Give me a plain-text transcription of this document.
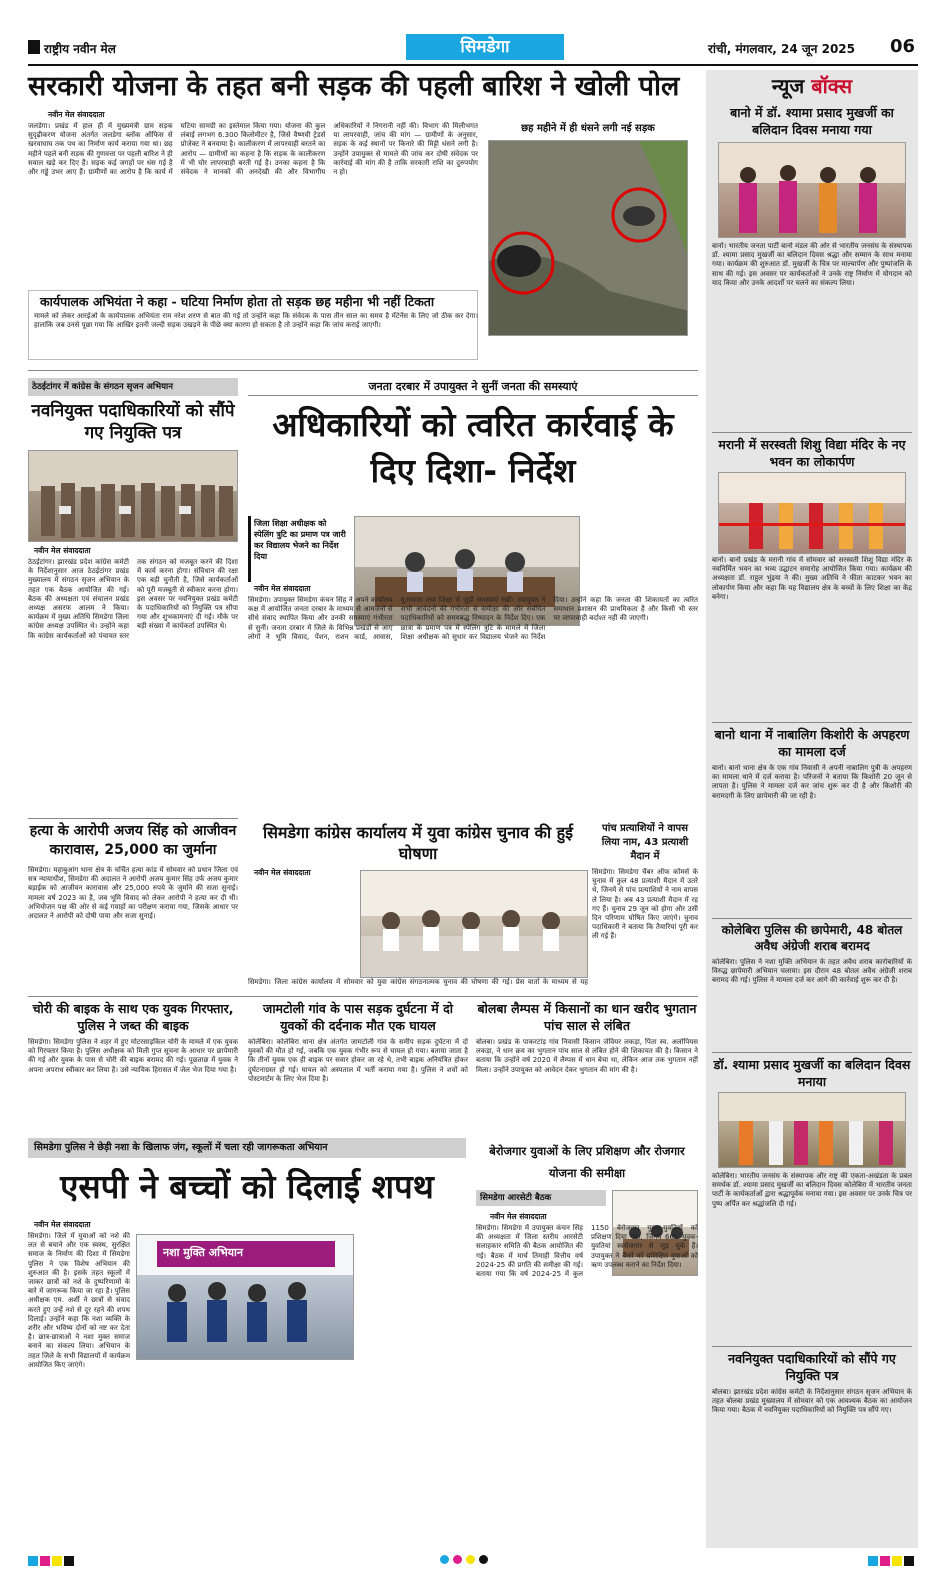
राष्ट्रीय नवीन मेल	सिमडेगा	रांची, मंगलवार, 24 जून 2025 06
सरकारी योजना के तहत बनी सड़क की पहली बारिश ने खोली पोल
नवीन मेल संवाददाता
जलडेगा। प्रखंड में हाल ही में मुख्यमंत्री ग्राम सड़क सुदृढ़ीकरण योजना अंतर्गत जलडेगा ब्लॉक ऑफिस से खरवाघाघ तक पथ का निर्माण कार्य कराया गया था। छह महीने पहले बनी सड़क की गुणवत्ता पर पहली बारिश ने ही सवाल खड़े कर दिए हैं। सड़क कई जगहों पर धंस गई है और गड्ढे उभर आए हैं। ग्रामीणों का आरोप है कि कार्य में घटिया सामग्री का इस्तेमाल किया गया। योजना की कुल लंबाई लगभग 6.300 किलोमीटर है, जिसे वैष्णवी ट्रेडर्स प्रोजेक्ट ने बनवाया है। कालीकरण में लापरवाही बरतने का आरोप — ग्रामीणों का कहना है कि सड़क के कालीकरण में भी घोर लापरवाही बरती गई है। उनका कहना है कि संवेदक ने मानकों की अनदेखी की और विभागीय अधिकारियों ने निगरानी नहीं की। विभाग की मिलीभगत या लापरवाही, जांच की मांग — ग्रामीणों के अनुसार, सड़क के कई स्थानों पर किनारे की मिट्टी धंसने लगी है। उन्होंने उपायुक्त से मामले की जांच कर दोषी संवेदक पर कार्रवाई की मांग की है ताकि सरकारी राशि का दुरुपयोग न हो।
छह महीने में ही धंसने लगी नई सड़क
कार्यपालक अभियंता ने कहा - घटिया निर्माण होता तो सड़क छह महीना भी नहीं टिकता
मामले को लेकर आरईओ के कार्यपालक अभियंता राम नरेश शरण से बात की गई तो उन्होंने कहा कि संवेदक के पास तीन साल का समय है मेंटेनेंस के लिए जो ठीक कर देगा। हालांकि जब उनसे पूछा गया कि आखिर इतनी जल्दी सड़क उखड़ने के पीछे क्या कारण हो सकता है तो उन्होंने कहा कि जांच कराई जाएगी।
ठेठईटांगर में कांग्रेस के संगठन सृजन अभियान
नवनियुक्त पदाधिकारियों को सौंपे गए नियुक्ति पत्र
नवीन मेल संवाददाता
ठेठईटांगर। झारखंड प्रदेश कांग्रेस कमेटी के निर्देशानुसार आज ठेठईटांगर प्रखंड मुख्यालय में संगठन सृजन अभियान के तहत एक बैठक आयोजित की गई। बैठक की अध्यक्षता एवं संचालन प्रखंड अध्यक्ष असरफ आलम ने किया। कार्यक्रम में मुख्य अतिथि सिमडेगा जिला कांग्रेस अध्यक्ष उपस्थित थे। उन्होंने कहा कि कांग्रेस कार्यकर्ताओं को पंचायत स्तर तक संगठन को मजबूत करने की दिशा में कार्य करना होगा। संविधान की रक्षा एक बड़ी चुनौती है, जिसे कार्यकर्ताओं को पूरी मजबूती से स्वीकार करना होगा। इस अवसर पर नवनियुक्त प्रखंड कमेटी के पदाधिकारियों को नियुक्ति पत्र सौंपा गया और शुभकामनाएं दी गईं। मौके पर बड़ी संख्या में कार्यकर्ता उपस्थित थे।
जनता दरबार में उपायुक्त ने सुनीं जनता की समस्याएं
अधिकारियों को त्वरित कार्रवाई के दिए दिशा- निर्देश
जिला शिक्षा अधीक्षक को स्पेलिंग त्रुटि का प्रमाण पत्र जारी कर विद्यालय भेजने का निर्देश दिया
नवीन मेल संवाददाता
सिमडेगा। उपायुक्त सिमडेगा कंचन सिंह ने अपने कार्यालय कक्ष में आयोजित जनता दरबार के माध्यम से आमजनों से सीधे संवाद स्थापित किया और उनकी समस्याएं गंभीरता से सुनीं। जनता दरबार में जिले के विभिन्न प्रखंडों से आए लोगों ने भूमि विवाद, पेंशन, राशन कार्ड, आवास, मुआवजा तथा शिक्षा से जुड़ी समस्याएं रखीं। उपायुक्त ने सभी आवेदनों की गंभीरता से समीक्षा की और संबंधित पदाधिकारियों को समयबद्ध निष्पादन के निर्देश दिए। एक छात्रा के प्रमाण पत्र में स्पेलिंग त्रुटि के मामले में जिला शिक्षा अधीक्षक को सुधार कर विद्यालय भेजने का निर्देश दिया। उन्होंने कहा कि जनता की शिकायतों का त्वरित समाधान प्रशासन की प्राथमिकता है और किसी भी स्तर पर लापरवाही बर्दाश्त नहीं की जाएगी।
हत्या के आरोपी अजय सिंह को आजीवन कारावास, 25,000 का जुर्माना
सिमडेगा। महाबुआंग थाना क्षेत्र के चर्चित हत्या कांड में सोमवार को प्रधान जिला एवं सत्र न्यायाधीश, सिमडेगा की अदालत ने आरोपी अजय कुमार सिंह उर्फ अजय कुमार बड़ाईक को आजीवन कारावास और 25,000 रुपये के जुर्माने की सजा सुनाई। मामला वर्ष 2023 का है, जब भूमि विवाद को लेकर आरोपी ने हत्या कर दी थी। अभियोजन पक्ष की ओर से कई गवाहों का परीक्षण कराया गया, जिसके आधार पर अदालत ने आरोपी को दोषी पाया और सजा सुनाई।
सिमडेगा कांग्रेस कार्यालय में युवा कांग्रेस चुनाव की हुई घोषणा
नवीन मेल संवाददाता
सिमडेगा। जिला कांग्रेस कार्यालय में सोमवार को युवा कांग्रेस संगठनात्मक चुनाव की घोषणा की गई। प्रेस वार्ता के माध्यम से यह
पांच प्रत्याशियों ने वापस लिया नाम, 43 प्रत्याशी मैदान में
सिमडेगा। सिमडेगा चैंबर ऑफ कॉमर्स के चुनाव में कुल 48 प्रत्याशी मैदान में उतरे थे, जिनमें से पांच प्रत्याशियों ने नाम वापस ले लिया है। अब 43 प्रत्याशी मैदान में रह गए हैं। चुनाव 29 जून को होगा और उसी दिन परिणाम घोषित किए जाएंगे। चुनाव पदाधिकारी ने बताया कि तैयारियां पूरी कर ली गई हैं।
चोरी की बाइक के साथ एक युवक गिरफ्तार, पुलिस ने जब्त की बाइक
सिमडेगा। सिमडेगा पुलिस ने शहर में हुए मोटरसाइकिल चोरी के मामले में एक युवक को गिरफ्तार किया है। पुलिस अधीक्षक को मिली गुप्त सूचना के आधार पर छापेमारी की गई और युवक के पास से चोरी की बाइक बरामद की गई। पूछताछ में युवक ने अपना अपराध स्वीकार कर लिया है। उसे न्यायिक हिरासत में जेल भेज दिया गया है।
जामटोली गांव के पास सड़क दुर्घटना में दो युवकों की दर्दनाक मौत एक घायल
कोलेबिरा। कोलेबिरा थाना क्षेत्र अंतर्गत जामटोली गांव के समीप सड़क दुर्घटना में दो युवकों की मौत हो गई, जबकि एक युवक गंभीर रूप से घायल हो गया। बताया जाता है कि तीनों युवक एक ही बाइक पर सवार होकर जा रहे थे, तभी बाइक अनियंत्रित होकर दुर्घटनाग्रस्त हो गई। घायल को अस्पताल में भर्ती कराया गया है। पुलिस ने शवों को पोस्टमार्टम के लिए भेज दिया है।
बोलबा लैम्पस में किसानों का धान खरीद भुगतान पांच साल से लंबित
बोलबा। प्रखंड के पाकरटांड़ गांव निवासी किसान जेवियर लकड़ा, पिता स्व. अलोपियस लकड़ा, ने धान क्रय का भुगतान पांच साल से लंबित होने की शिकायत की है। किसान ने बताया कि उन्होंने वर्ष 2020 में लैम्पस में धान बेचा था, लेकिन आज तक भुगतान नहीं मिला। उन्होंने उपायुक्त को आवेदन देकर भुगतान की मांग की है।
सिमडेगा पुलिस ने छेड़ी नशा के खिलाफ जंग, स्कूलों में चला रही जागरूकता अभियान
एसपी ने बच्चों को दिलाई शपथ
नवीन मेल संवाददाता
नशा मुक्ति अभियान
सिमडेगा। जिले में युवाओं को नशे की लत से बचाने और एक स्वस्थ, सुरक्षित समाज के निर्माण की दिशा में सिमडेगा पुलिस ने एक विशेष अभियान की शुरुआत की है। इसके तहत स्कूलों में जाकर छात्रों को नशे के दुष्परिणामों के बारे में जागरूक किया जा रहा है। पुलिस अधीक्षक एम. अर्शी ने छात्रों से संवाद करते हुए उन्हें नशे से दूर रहने की शपथ दिलाई। उन्होंने कहा कि नशा व्यक्ति के शरीर और भविष्य दोनों को नष्ट कर देता है। छात्र-छात्राओं ने नशा मुक्त समाज बनाने का संकल्प लिया। अभियान के तहत जिले के सभी विद्यालयों में कार्यक्रम आयोजित किए जाएंगे।
बेरोजगार युवाओं के लिए प्रशिक्षण और रोजगार योजना की समीक्षा
सिमडेगा आरसेटी बैठक
नवीन मेल संवाददाता
सिमडेगा। सिमडेगा में उपायुक्त कंचन सिंह की अध्यक्षता में जिला स्तरीय आरसेटी सलाहकार समिति की बैठक आयोजित की गई। बैठक में मार्च तिमाही वित्तीय वर्ष 2024-25 की प्रगति की समीक्षा की गई। बताया गया कि वर्ष 2024-25 में कुल 1150 बेरोजगार युवक-युवतियों को प्रशिक्षण दिया गया, जिनमें 665 युवक-युवतियां स्वरोजगार से जुड़ चुके हैं। उपायुक्त ने बैंकों को प्रशिक्षित युवाओं को ऋण उपलब्ध कराने का निर्देश दिया।
न्यूज बॉक्स
बानो में डॉ. श्यामा प्रसाद मुखर्जी का बलिदान दिवस मनाया गया
बानो। भारतीय जनता पार्टी बानो मंडल की ओर से भारतीय जनसंघ के संस्थापक डॉ. श्यामा प्रसाद मुखर्जी का बलिदान दिवस श्रद्धा और सम्मान के साथ मनाया गया। कार्यक्रम की शुरुआत डॉ. मुखर्जी के चित्र पर माल्यार्पण और पुष्पांजलि के साथ की गई। इस अवसर पर कार्यकर्ताओं ने उनके राष्ट्र निर्माण में योगदान को याद किया और उनके आदर्शों पर चलने का संकल्प लिया।
मरानी में सरस्वती शिशु विद्या मंदिर के नए भवन का लोकार्पण
बानो। बानो प्रखंड के मरानी गांव में सोमवार को सरस्वती शिशु विद्या मंदिर के नवनिर्मित भवन का भव्य उद्घाटन समारोह आयोजित किया गया। कार्यक्रम की अध्यक्षता डॉ. राहुल भुंइया ने की। मुख्य अतिथि ने फीता काटकर भवन का लोकार्पण किया और कहा कि यह विद्यालय क्षेत्र के बच्चों के लिए शिक्षा का केंद्र बनेगा।
बानो थाना में नाबालिग किशोरी के अपहरण का मामला दर्ज
बानो। बानो थाना क्षेत्र के एक गांव निवासी ने अपनी नाबालिग पुत्री के अपहरण का मामला थाने में दर्ज कराया है। परिजनों ने बताया कि किशोरी 20 जून से लापता है। पुलिस ने मामला दर्ज कर जांच शुरू कर दी है और किशोरी की बरामदगी के लिए छापेमारी की जा रही है।
कोलेबिरा पुलिस की छापेमारी, 48 बोतल अवैध अंग्रेजी शराब बरामद
कोलेबिरा। पुलिस ने नशा मुक्ति अभियान के तहत अवैध शराब कारोबारियों के विरुद्ध छापेमारी अभियान चलाया। इस दौरान 48 बोतल अवैध अंग्रेजी शराब बरामद की गई। पुलिस ने मामला दर्ज कर आगे की कार्रवाई शुरू कर दी है।
डॉ. श्यामा प्रसाद मुखर्जी का बलिदान दिवस मनाया
कोलेबिरा। भारतीय जनसंघ के संस्थापक और राष्ट्र की एकता-अखंडता के प्रबल समर्थक डॉ. श्यामा प्रसाद मुखर्जी का बलिदान दिवस कोलेबिरा में भारतीय जनता पार्टी के कार्यकर्ताओं द्वारा श्रद्धापूर्वक मनाया गया। इस अवसर पर उनके चित्र पर पुष्प अर्पित कर श्रद्धांजलि दी गई।
नवनियुक्त पदाधिकारियों को सौंपे गए नियुक्ति पत्र
बोलबा। झारखंड प्रदेश कांग्रेस कमेटी के निर्देशानुसार संगठन सृजन अभियान के तहत बोलबा प्रखंड मुख्यालय में सोमवार को एक आवश्यक बैठक का आयोजन किया गया। बैठक में नवनियुक्त पदाधिकारियों को नियुक्ति पत्र सौंपे गए।
